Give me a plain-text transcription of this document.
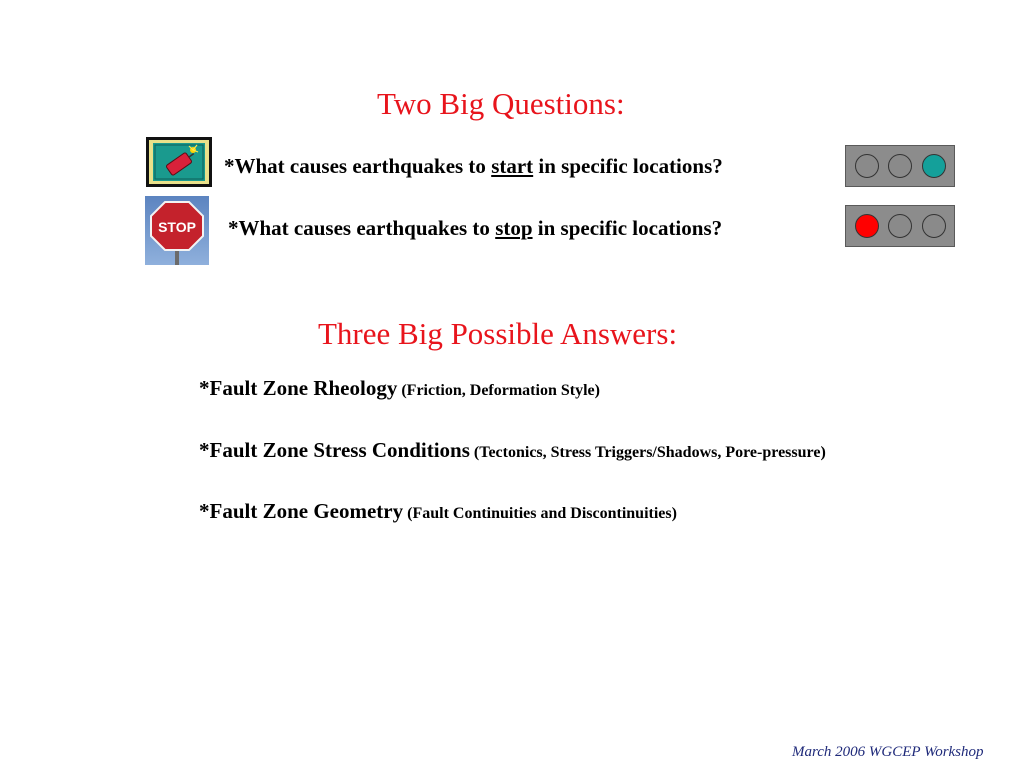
Two Big Questions:
*What causes earthquakes to start in specific locations?
STOP *What causes earthquakes to stop in specific locations?
Three Big Possible Answers:
*Fault Zone Rheology (Friction, Deformation Style)
*Fault Zone Stress Conditions (Tectonics, Stress Triggers/Shadows, Pore-pressure)
*Fault Zone Geometry (Fault Continuities and Discontinuities)
March 2006 WGCEP Workshop
